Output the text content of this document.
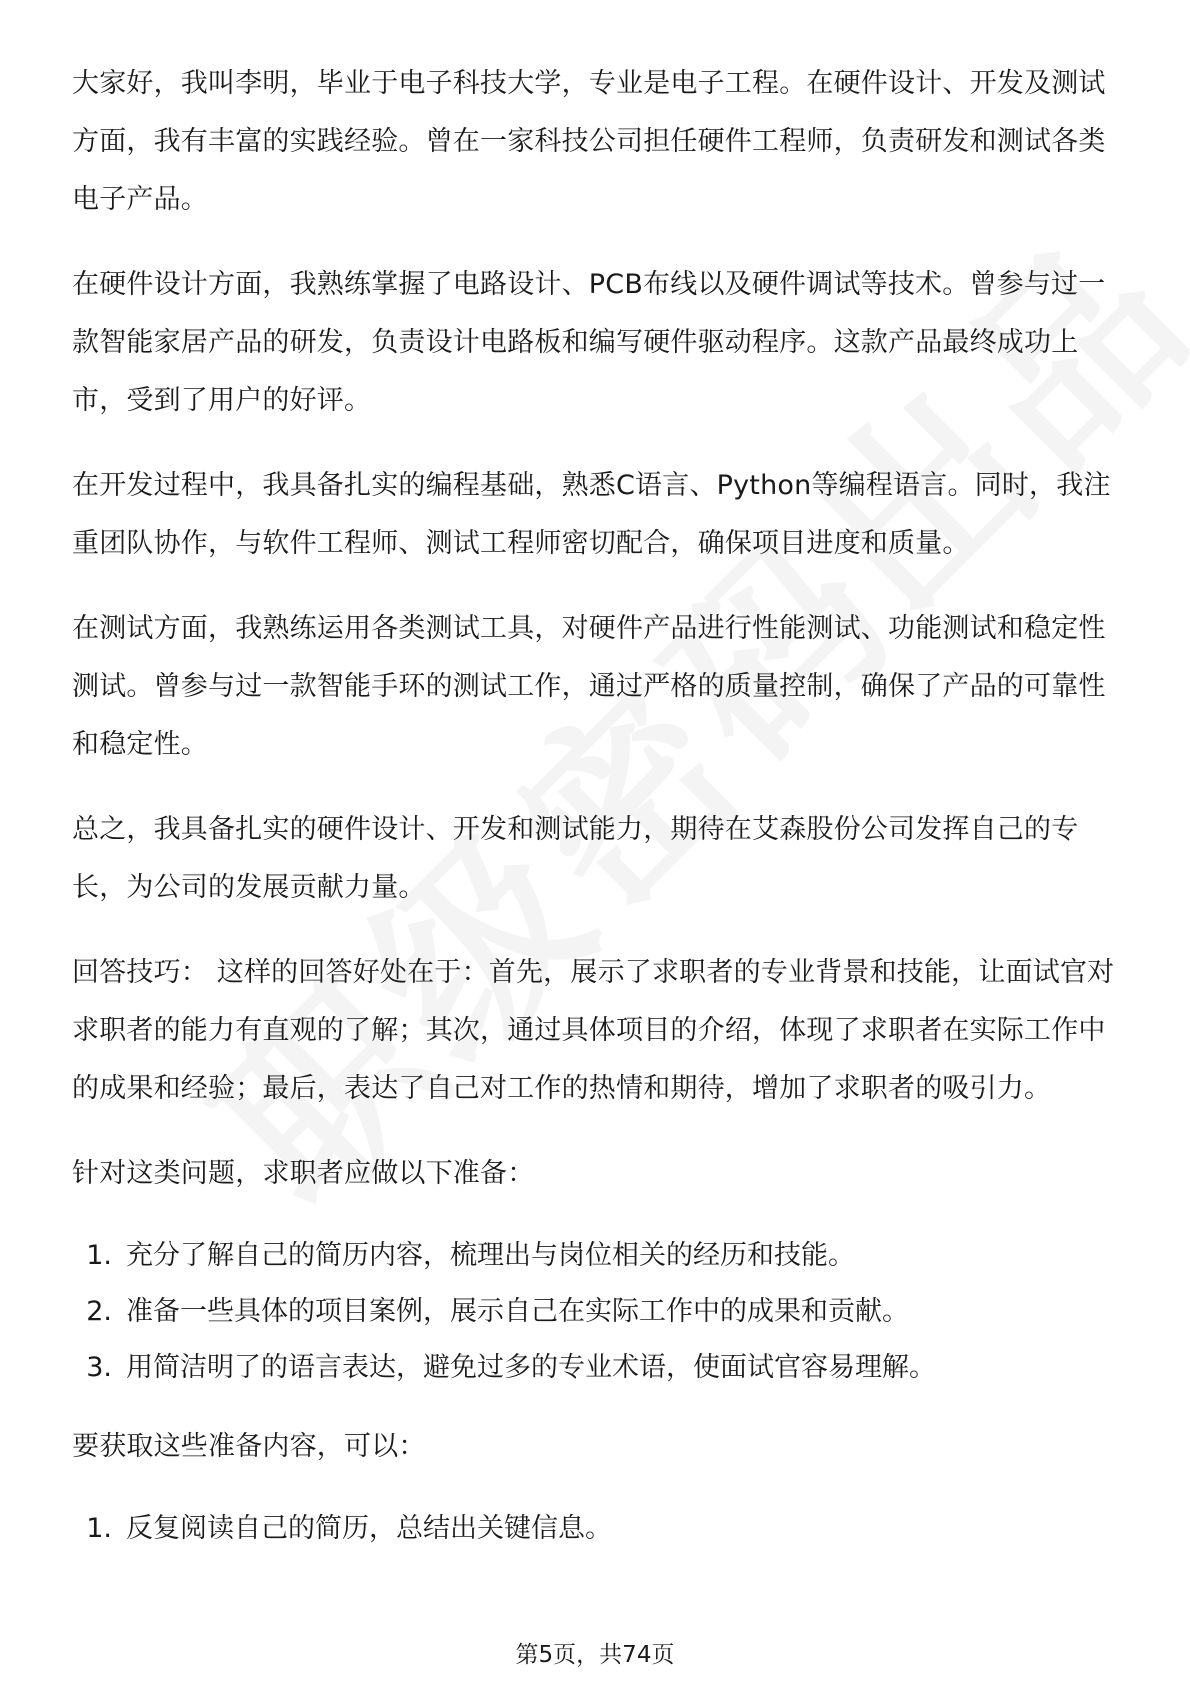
大家好，我叫李明，毕业于电子科技大学，专业是电子工程。在硬件设计、开发及测试方面，我有丰富的实践经验。曾在一家科技公司担任硬件工程师，负责研发和测试各类电子产品。

在硬件设计方面，我熟练掌握了电路设计、PCB布线以及硬件调试等技术。曾参与过一款智能家居产品的研发，负责设计电路板和编写硬件驱动程序。这款产品最终成功上市，受到了用户的好评。

在开发过程中，我具备扎实的编程基础，熟悉C语言、Python等编程语言。同时，我注重团队协作，与软件工程师、测试工程师密切配合，确保项目进度和质量。

在测试方面，我熟练运用各类测试工具，对硬件产品进行性能测试、功能测试和稳定性测试。曾参与过一款智能手环的测试工作，通过严格的质量控制，确保了产品的可靠性和稳定性。

总之，我具备扎实的硬件设计、开发和测试能力，期待在艾森股份公司发挥自己的专长，为公司的发展贡献力量。

回答技巧： 这样的回答好处在于：首先，展示了求职者的专业背景和技能，让面试官对求职者的能力有直观的了解；其次，通过具体项目的介绍，体现了求职者在实际工作中的成果和经验；最后，表达了自己对工作的热情和期待，增加了求职者的吸引力。

针对这类问题，求职者应做以下准备：

1. 充分了解自己的简历内容，梳理出与岗位相关的经历和技能。
2. 准备一些具体的项目案例，展示自己在实际工作中的成果和贡献。
3. 用简洁明了的语言表达，避免过多的专业术语，使面试官容易理解。

要获取这些准备内容，可以：

1. 反复阅读自己的简历，总结出关键信息。
第5页，共74页
